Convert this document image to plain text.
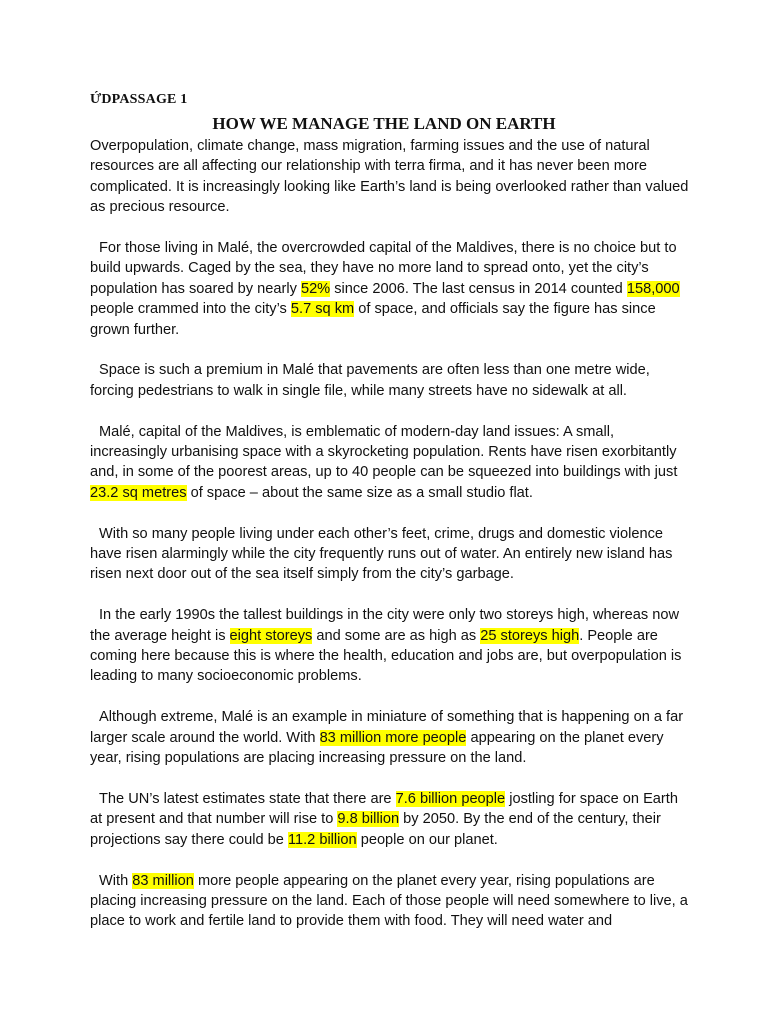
ỨDPASSAGE 1
HOW WE MANAGE THE LAND ON EARTH

Overpopulation, climate change, mass migration, farming issues and the use of natural resources are all affecting our relationship with terra firma, and it has never been more complicated. It is increasingly looking like Earth’s land is being overlooked rather than valued as precious resource.

For those living in Malé, the overcrowded capital of the Maldives, there is no choice but to build upwards. Caged by the sea, they have no more land to spread onto, yet the city’s population has soared by nearly 52% since 2006. The last census in 2014 counted 158,000 people crammed into the city’s 5.7 sq km of space, and officials say the figure has since grown further.

Space is such a premium in Malé that pavements are often less than one metre wide, forcing pedestrians to walk in single file, while many streets have no sidewalk at all.

Malé, capital of the Maldives, is emblematic of modern-day land issues: A small, increasingly urbanising space with a skyrocketing population. Rents have risen exorbitantly and, in some of the poorest areas, up to 40 people can be squeezed into buildings with just 23.2 sq metres of space – about the same size as a small studio flat.

With so many people living under each other’s feet, crime, drugs and domestic violence have risen alarmingly while the city frequently runs out of water. An entirely new island has risen next door out of the sea itself simply from the city’s garbage.

In the early 1990s the tallest buildings in the city were only two storeys high, whereas now the average height is eight storeys and some are as high as 25 storeys high. People are coming here because this is where the health, education and jobs are, but overpopulation is leading to many socioeconomic problems.

Although extreme, Malé is an example in miniature of something that is happening on a far larger scale around the world. With 83 million more people appearing on the planet every year, rising populations are placing increasing pressure on the land.

The UN’s latest estimates state that there are 7.6 billion people jostling for space on Earth at present and that number will rise to 9.8 billion by 2050. By the end of the century, their projections say there could be 11.2 billion people on our planet.

With 83 million more people appearing on the planet every year, rising populations are placing increasing pressure on the land. Each of those people will need somewhere to live, a place to work and fertile land to provide them with food. They will need water and
